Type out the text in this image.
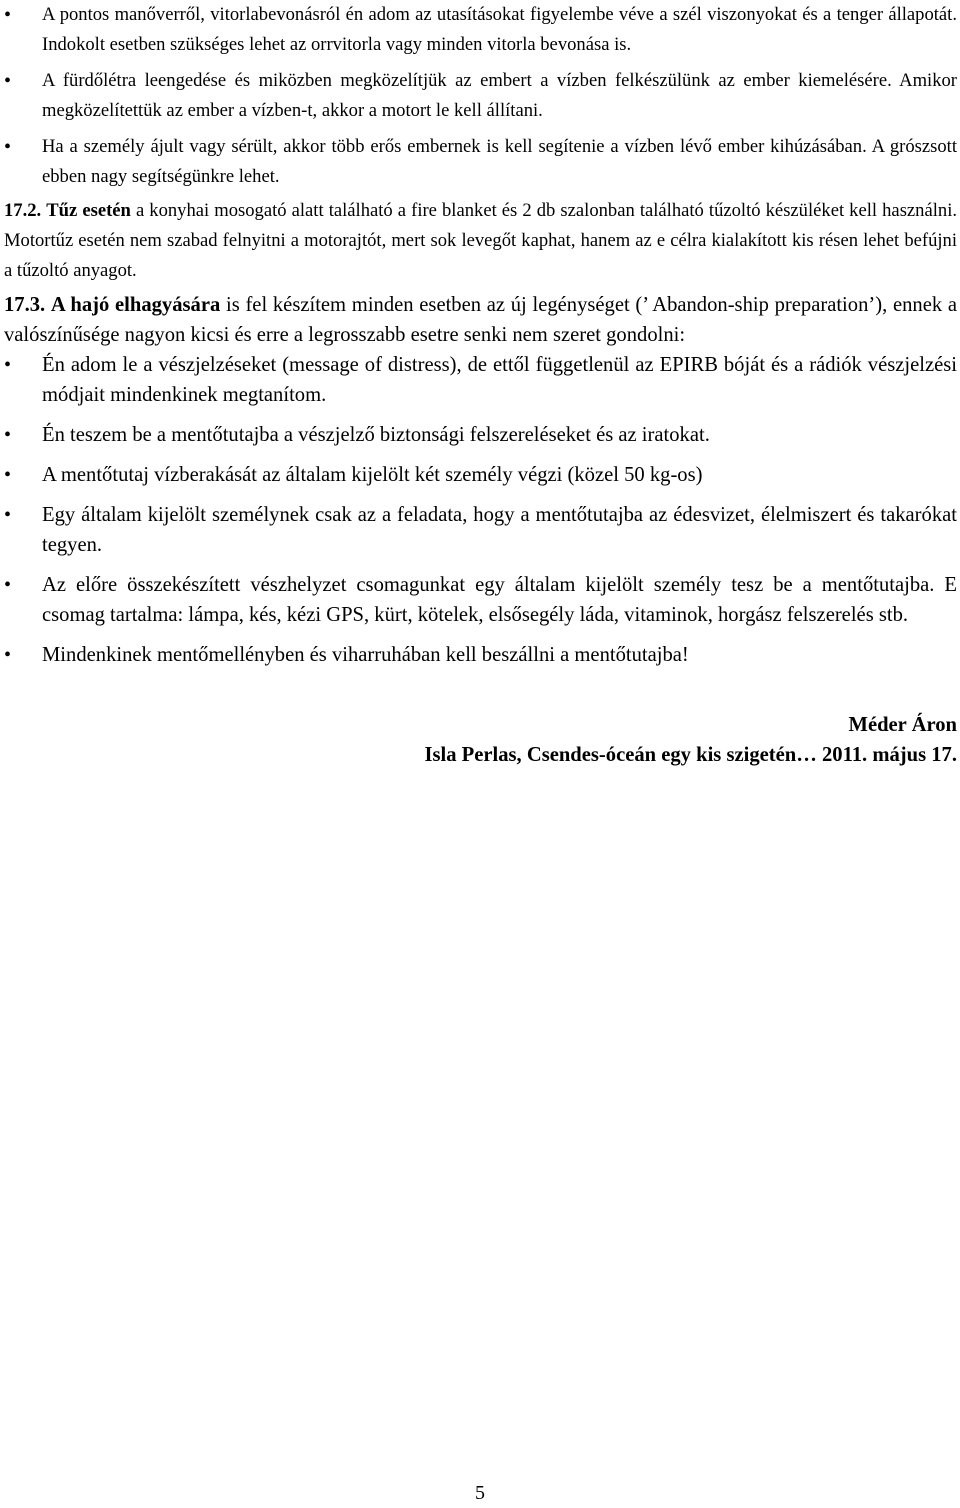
• A pontos manőverről, vitorlabevonásról én adom az utasításokat figyelembe véve a szél viszonyokat és a tenger állapotát. Indokolt esetben szükséges lehet az orrvitorla vagy minden vitorla bevonása is.
• A fürdőlétra leengedése és miközben megközelítjük az embert a vízben felkészülünk az ember kiemelésére. Amikor megközelítettük az ember a vízben-t, akkor a motort le kell állítani.
• Ha a személy ájult vagy sérült, akkor több erős embernek is kell segítenie a vízben lévő ember kihúzásában. A grószsott ebben nagy segítségünkre lehet.

17.2. Tűz esetén a konyhai mosogató alatt található a fire blanket és 2 db szalonban található tűzoltó készüléket kell használni. Motortűz esetén nem szabad felnyitni a motorajtót, mert sok levegőt kaphat, hanem az e célra kialakított kis résen lehet befújni a tűzoltó anyagot.

17.3. A hajó elhagyására is fel készítem minden esetben az új legénységet (’ Abandon-ship preparation’), ennek a valószínűsége nagyon kicsi és erre a legrosszabb esetre senki nem szeret gondolni:

• Én adom le a vészjelzéseket (message of distress), de ettől függetlenül az EPIRB bóját és a rádiók vészjelzési módjait mindenkinek megtanítom.
• Én teszem be a mentőtutajba a vészjelző biztonsági felszereléseket és az iratokat.
• A mentőtutaj vízberakását az általam kijelölt két személy végzi (közel 50 kg-os)
• Egy általam kijelölt személynek csak az a feladata, hogy a mentőtutajba az édesvizet, élelmiszert és takarókat tegyen.
• Az előre összekészített vészhelyzet csomagunkat egy általam kijelölt személy tesz be a mentőtutajba. E csomag tartalma: lámpa, kés, kézi GPS, kürt, kötelek, elsősegély láda, vitaminok, horgász felszerelés stb.
• Mindenkinek mentőmellényben és viharruhában kell beszállni a mentőtutajba!
Méder Áron
Isla Perlas, Csendes-óceán egy kis szigetén… 2011. május 17.
5
